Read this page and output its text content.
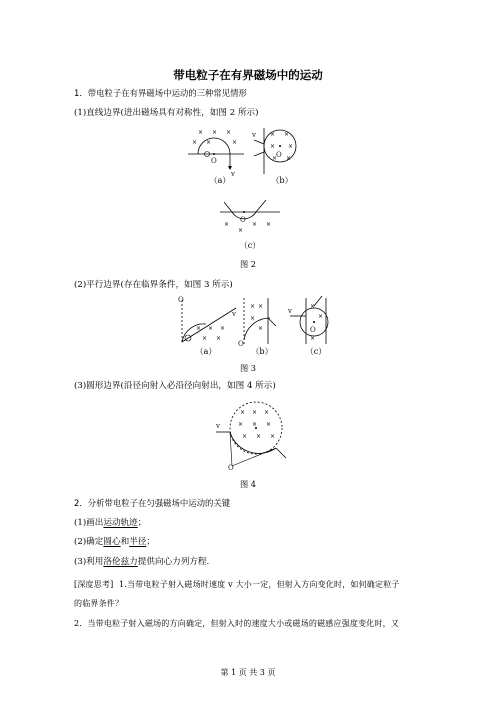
带电粒子在有界磁场中的运动
1．带电粒子在有界磁场中运动的三种常见情形
(1)直线边界(进出磁场具有对称性，如图 2 所示)
O
v
× × ×
× ×	×
（a）
O
v × ×
× ×
× ×
（b）
O
×
×
× ×
（c）
图 2
(2)平行边界(存在临界条件，如图 3 所示)
O
v
× × ×
× ×
（a）
O
× ×
×
×
（b）
O
v
×
×
×
（c）
图 3
(3)圆形边界(沿径向射入必沿径向射出，如图 4 所示)
O
v
× × ×
× × ×
× × ×
图 4
2．分析带电粒子在匀强磁场中运动的关键
(1)画出运动轨迹；
(2)确定圆心和半径；
(3)利用洛伦兹力提供向心力列方程.
[深度思考] 1.当带电粒子射入磁场时速度 v 大小一定，但射入方向变化时，如何确定粒子
的临界条件？
2．当带电粒子射入磁场的方向确定，但射入时的速度大小或磁场的磁感应强度变化时，又
第 1 页 共 3 页
